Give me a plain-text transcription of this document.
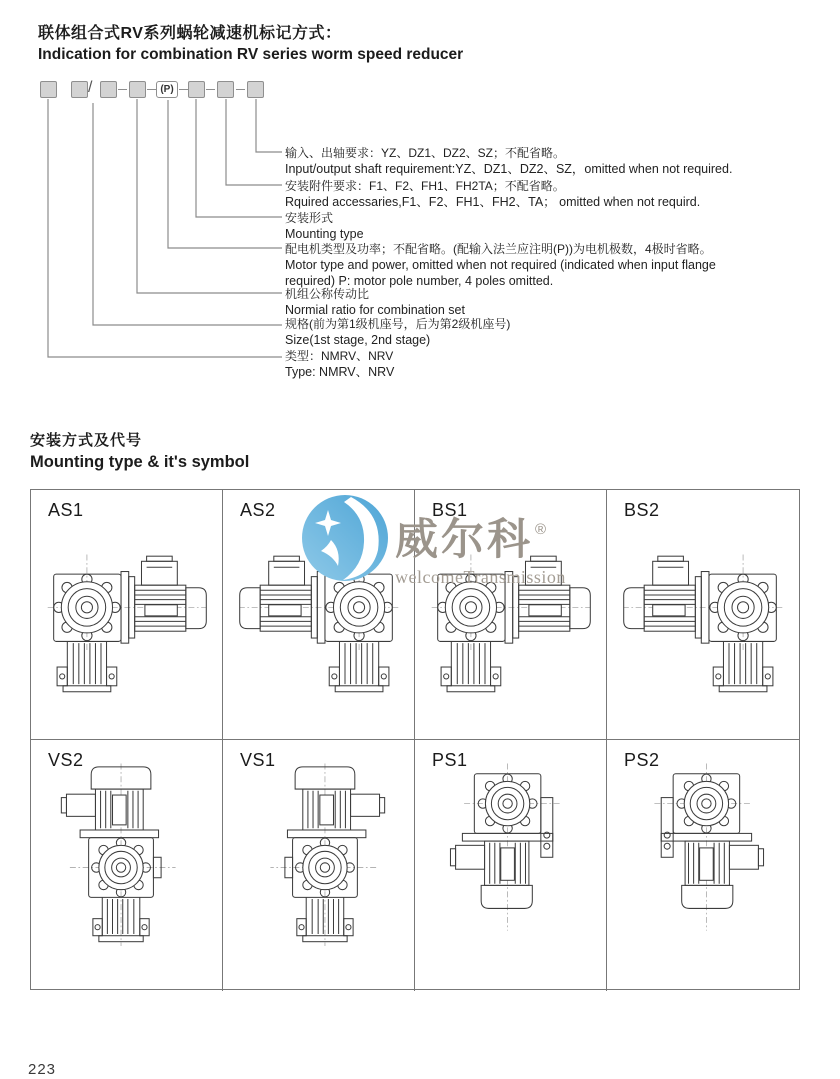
联体组合式RV系列蜗轮减速机标记方式：
Indication for combination RV series worm speed reducer
/	(P)
输入、出轴要求：YZ、DZ1、DZ2、SZ；不配省略。
Input/output shaft requirement:YZ、DZ1、DZ2、SZ，omitted when not required.
安装附件要求：F1、F2、FH1、FH2TA；不配省略。
Rquired accessaries,F1、F2、FH1、FH2、TA； omitted when not requird.
安装形式
Mounting type
配电机类型及功率；不配省略。(配输入法兰应注明(P))为电机极数，4极时省略。
Motor type and power, omitted when not required (indicated when input flange
required) P: motor pole number, 4 poles omitted.
机组公称传动比
Normial ratio for combination set
规格(前为第1级机座号，后为第2级机座号)
Size(1st stage, 2nd stage)
类型：NMRV、NRV
Type: NMRV、NRV
安装方式及代号
Mounting type & it's symbol
AS1	AS2	BS1	BS2
VS2	VS1	PS1	PS2
威尔科 ®
welcomeTransmission
223
